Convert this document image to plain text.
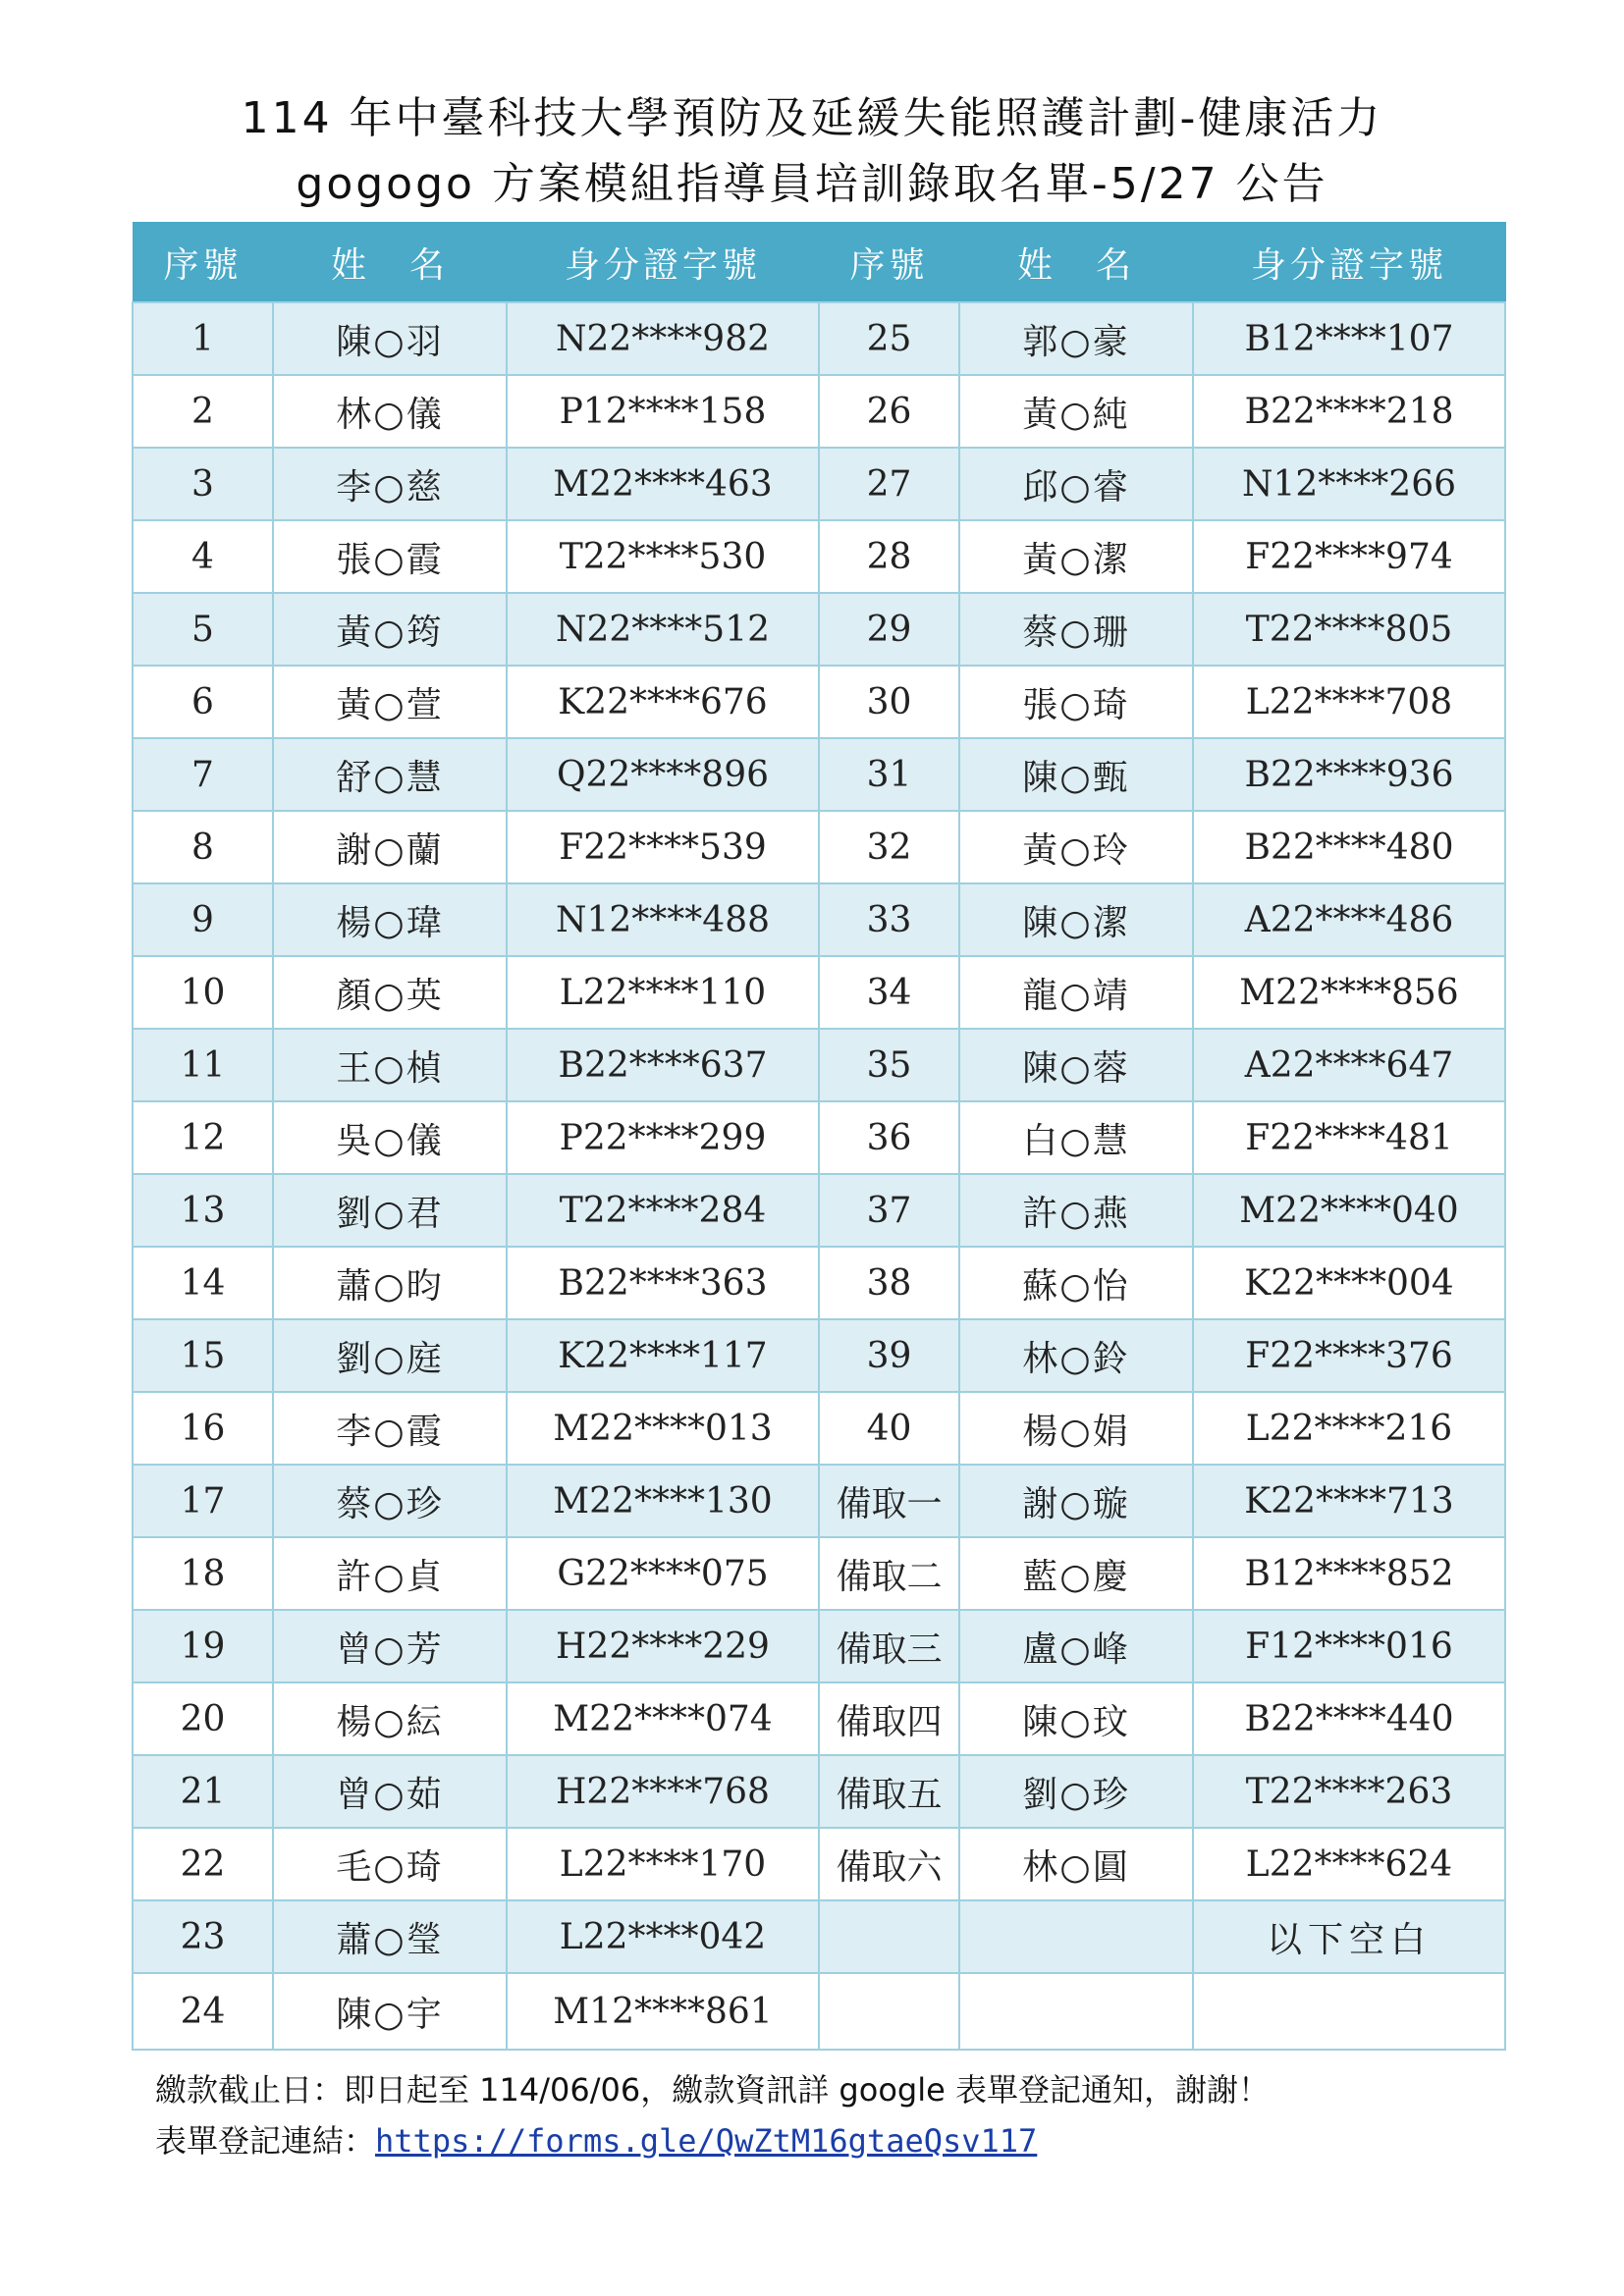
114 年中臺科技大學預防及延緩失能照護計劃-健康活力
gogogo 方案模組指導員培訓錄取名單-5/27 公告
序號	姓　名	身分證字號	序號	姓　名	身分證字號
1	陳○羽	N22****982	25	郭○豪	B12****107
2	林○儀	P12****158	26	黃○純	B22****218
3	李○慈	M22****463	27	邱○睿	N12****266
4	張○霞	T22****530	28	黃○潔	F22****974
5	黃○筠	N22****512	29	蔡○珊	T22****805
6	黃○萱	K22****676	30	張○琦	L22****708
7	舒○慧	Q22****896	31	陳○甄	B22****936
8	謝○蘭	F22****539	32	黃○玲	B22****480
9	楊○瑋	N12****488	33	陳○潔	A22****486
10	顏○英	L22****110	34	龍○靖	M22****856
11	王○楨	B22****637	35	陳○蓉	A22****647
12	吳○儀	P22****299	36	白○慧	F22****481
13	劉○君	T22****284	37	許○燕	M22****040
14	蕭○昀	B22****363	38	蘇○怡	K22****004
15	劉○庭	K22****117	39	林○鈴	F22****376
16	李○霞	M22****013	40	楊○娟	L22****216
17	蔡○珍	M22****130	備取一	謝○璇	K22****713
18	許○貞	G22****075	備取二	藍○慶	B12****852
19	曾○芳	H22****229	備取三	盧○峰	F12****016
20	楊○紜	M22****074	備取四	陳○玟	B22****440
21	曾○茹	H22****768	備取五	劉○珍	T22****263
22	毛○琦	L22****170	備取六	林○圓	L22****624
23	蕭○瑩	L22****042			以下空白
24	陳○宇	M12****861			
繳款截止日：即日起至 114/06/06，繳款資訊詳 google 表單登記通知，謝謝！
表單登記連結：https://forms.gle/QwZtM16gtaeQsv117
